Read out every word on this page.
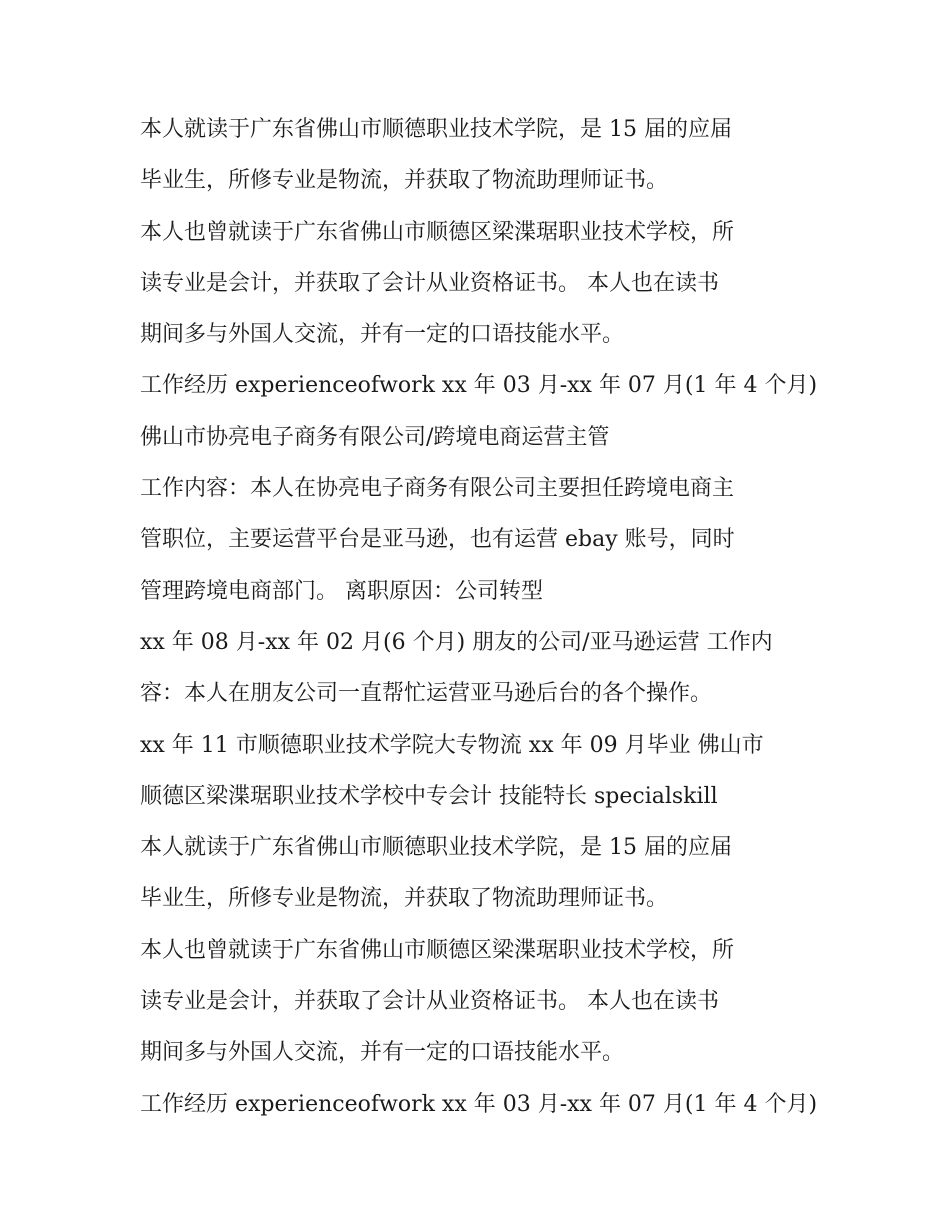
本人就读于广东省佛山市顺德职业技术学院，是 15 届的应届
毕业生，所修专业是物流，并获取了物流助理师证书。
本人也曾就读于广东省佛山市顺德区梁渫琚职业技术学校，所
读专业是会计，并获取了会计从业资格证书。 本人也在读书
期间多与外国人交流，并有一定的口语技能水平。
工作经历 experienceofwork xx 年 03 月-xx 年 07 月(1 年 4 个月)
佛山市协亮电子商务有限公司/跨境电商运营主管
工作内容：本人在协亮电子商务有限公司主要担任跨境电商主
管职位，主要运营平台是亚马逊，也有运营 ebay 账号，同时
管理跨境电商部门。 离职原因：公司转型
xx 年 08 月-xx 年 02 月(6 个月) 朋友的公司/亚马逊运营 工作内
容：本人在朋友公司一直帮忙运营亚马逊后台的各个操作。
xx 年 11 市顺德职业技术学院大专物流 xx 年 09 月毕业 佛山市
顺德区梁渫琚职业技术学校中专会计 技能特长 specialskill
本人就读于广东省佛山市顺德职业技术学院，是 15 届的应届
毕业生，所修专业是物流，并获取了物流助理师证书。
本人也曾就读于广东省佛山市顺德区梁渫琚职业技术学校，所
读专业是会计，并获取了会计从业资格证书。 本人也在读书
期间多与外国人交流，并有一定的口语技能水平。
工作经历 experienceofwork xx 年 03 月-xx 年 07 月(1 年 4 个月)
